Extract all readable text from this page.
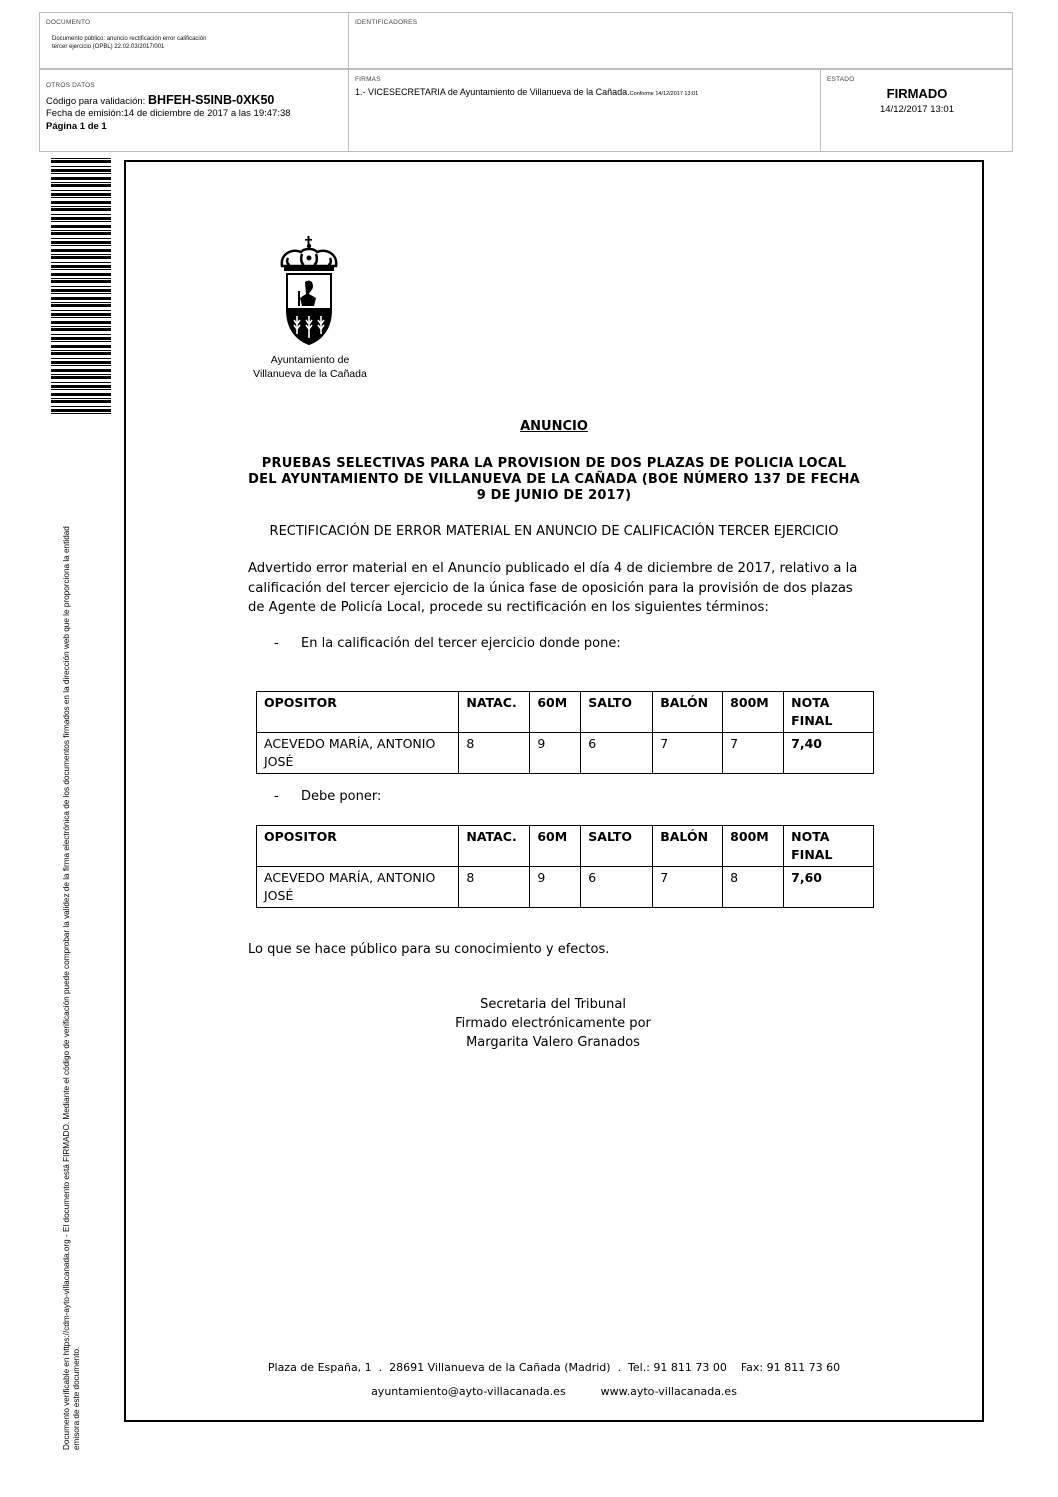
DOCUMENTO
Documento público: anuncio rectificación error calificación
tercer ejercicio (OPBL) 22.02.03/2017/001
IDENTIFICADORES
OTROS DATOS
FIRMAS	ESTADO
Código para validación: BHFEH-S5INB-0XK50
Fecha de emisión:14 de diciembre de 2017 a las 19:47:38
Página 1 de 1
1.- VICESECRETARIA de Ayuntamiento de Villanueva de la Cañada.Conforme 14/12/2017 13:01	FIRMADO
14/12/2017 13:01
Documento verificable en https://cdm-ayto-villacanada.org - El documento está FIRMADO. Mediante el código de verificación puede comprobar la validez de la firma electrónica de los documentos firmados en la dirección web que le proporciona la entidad emisora de este documento.
Ayuntamiento de
Villanueva de la Cañada
ANUNCIO
PRUEBAS SELECTIVAS PARA LA PROVISION DE DOS PLAZAS DE POLICIA LOCAL
DEL AYUNTAMIENTO DE VILLANUEVA DE LA CAÑADA (BOE NÚMERO 137 DE FECHA
9 DE JUNIO DE 2017)
RECTIFICACIÓN DE ERROR MATERIAL EN ANUNCIO DE CALIFICACIÓN TERCER EJERCICIO
Advertido error material en el Anuncio publicado el día 4 de diciembre de 2017, relativo a la calificación del tercer ejercicio de la única fase de oposición para la provisión de dos plazas de Agente de Policía Local, procede su rectificación en los siguientes términos:
- En la calificación del tercer ejercicio donde pone:
OPOSITOR	NATAC.	60M	SALTO	BALÓN	800M	NOTA FINAL
ACEVEDO MARÍA, ANTONIO JOSÉ	8	9	6	7	7	7,40
- Debe poner:
OPOSITOR	NATAC.	60M	SALTO	BALÓN	800M	NOTA FINAL
ACEVEDO MARÍA, ANTONIO JOSÉ	8	9	6	7	8	7,60
Lo que se hace público para su conocimiento y efectos.
Secretaria del Tribunal
Firmado electrónicamente por
Margarita Valero Granados
Plaza de España, 1  .  28691 Villanueva de la Cañada (Madrid)  .  Tel.: 91 811 73 00    Fax: 91 811 73 60
ayuntamiento@ayto-villacanada.es          www.ayto-villacanada.es
